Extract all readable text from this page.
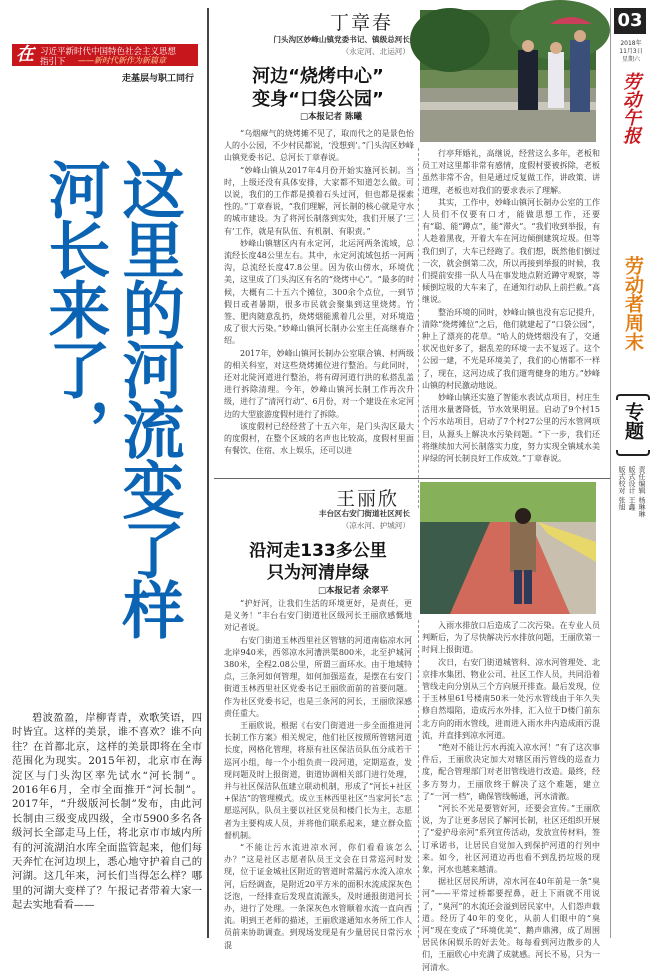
在 习近平新时代中国特色社会主义思想
指引下 ——新时代新作为新篇章
走基层与职工同行
这里的河流变了样
河长来了，
碧波盈盈，岸柳青青，欢歌笑语，四时皆宜。这样的美景，谁不喜欢？谁不向往？在首都北京，这样的美景即将在全市范围化为现实。2015年初，北京市在海淀区与门头沟区率先试水“河长制”。2016年6月，全市全面推开“河长制”。2017年，“升级版河长制”发布，由此河长制由三级变成四级，全市5900多名各级河长全部走马上任，将北京市市域内所有的河流湖泊水库全面监管起来，他们每天奔忙在河边坝上，悉心地守护着自己的河湖。这几年来，河长们当得怎么样？哪里的河湖大变样了？午报记者带着大家一起去实地看看——
丁章春
门头沟区妙峰山镇党委书记、镇级总河长
（永定河、北运河）
河边“烧烤中心”
变身“口袋公园”
□本报记者 陈曦

“乌烟瘴气的烧烤摊不见了，取而代之的是景色怡人的小公园，不少村民都说，‘没想到’。”门头沟区妙峰山镇党委书记、总河长丁章春说。

“妙峰山镇从2017年4月份开始实施河长制。当时，上级还没有具体安排，大家都不知道怎么做。可以说，我们的工作都是摸着石头过河，但也都是探索性的。”丁章春说，“我们理解，河长制的核心就是守水的城市建设。为了将河长制落到实处，我们开展了‘三有’工作，就是有队伍、有机制、有职责。”

妙峰山镇辖区内有永定河，北运河两条流域，总流经长度48公里左右。其中，永定河流域包括一河两沟，总流经长度47.8公里。因为依山傍水，环境优美，这里成了门头沟区有名的“烧烤中心”。“最多的时候，大概有二十五六个摊位，300余个点位，一到节假日或者暑期，很多市民就会聚集到这里烧烤。竹签、肥肉随意乱扔，烧烤烟能熏着几公里，对环境造成了很大污染。”妙峰山镇河长制办公室主任高继春介绍。

2017年，妙峰山镇河长制办公室联合镇、村两级的相关科室，对这些烧烤摊位进行整治。与此同时，还对北陡河道进行整治，将有碍河道行洪的私搭乱盖进行拆除清理。今年，妙峰山镇河长制工作再次升级，进行了“清河行动”、6月份，对一个建设在永定河边的大型旅游度假村进行了拆除。

该度假村已经经营了十五六年，是门头沟区最大的度假村，在整个区域的名声也比较高，度假村里面有餐饮、住宿、水上娱乐，还可以进

行亭拜婚礼，高继说，经营这么多年，老板和员工对这里都非常有感情，度假村要被拆除，老板虽然非常不舍，但是通过反复做工作，讲政策、讲道理，老板也对我们的要求表示了理解。

其实，工作中，妙峰山镇河长制办公室的工作人员们不仅要有口才，能做思想工作，还要有“聪、能“蹲点”，能“滞火”。“我们收到举报，有人趁着黑夜，开着大车在河边倾倒建筑垃圾。但等我们到了，大车已经跑了。我们想，既然他们倒过一次，就会倒第二次，所以再接到举报的时候，我们提前安排一队人马在事发地点附近蹲守观察，等倾倒垃圾的大车来了，在通知行动队上前拦截。”高继说。

整治环境的同时，妙峰山镇也没有忘记提升，清除“烧烤摊位”之后，他们就建起了“口袋公园”，种上了漂亮的花草。“哈人的烧烤烟没有了，交通状况也好多了，据乱差的环境一去不复返了。这个公园一建，不光是环境美了，我们的心情都不一样了，现在，这河边成了我们遛弯健身的地方。”妙峰山镇的村民激动地说。

妙峰山镇还实施了智能水表试点项目，村庄生活用水量著降低，节水效果明显。启动了9个村15个污水站项目，启动了7个村27公里的污水管网项目，从源头上解决水污染问题。“下一步，我们还将继续加大河长制落实力度，努力实现全镇域水美岸绿的河长制良好工作成效。”丁章春说。

王丽欣
丰台区右安门街道社区河长
（凉水河、护城河）
沿河走133多公里
只为河清岸绿
□本报记者 余翠平

“护好河，让我们生活的环境更好，是责任，更是义务！”丰台右安门街道社区级河长王丽欣感慨地对记者说。

右安门街道玉林西里社区管辖的河道南临凉水河北岸940米，西邻凉水河漕洪渠800米，北至护城河380米，全程2.08公里，所谓三面环水。由于地域特点，三条河如何管理，如何加强巡查，是摆在右安门街道玉林西里社区党委书记王丽欣面前的首要问题。作为社区党委书记，也是三条河的河长，王丽欣深感责任重大。

王丽欣说，根据《右安门街道进一步全面推进河长制工作方案》相关规定，他们社区按照所管辖河道长度，网格化管理，将原有社区保洁员队伍分成若干巡河小组，每一个小组负责一段河道，定期巡查，发现问题及时上报街道，街道协调相关部门进行处理，并与社区保洁队伍建立联动机制，形成了“河长+社区+保洁”的管理模式。成立玉林西里社区“当家河长”志愿巡河队，队员主要以社区党员和楼门长为主，志愿者为主要构成人员，并将他们联系起来，建立群众监督机制。

“不能让污水流进凉水河，你们看看该怎么办？”这是社区志愿者队员王文会在日常巡河时发现，位于证金城社区附近的管道时常漏污水流入凉水河，后经调查，是附近20平方米的面积水流成深灰色泛泡，一经排查后发现直流源头，及时通报街道河长办，进行了处理。一条深灰色水管顺着水流一直向西流。明到王老师的描述，王丽欣遂通知水务所工作人员前来协助调查。到现场发现是有少量居民日常污水混

入雨水排放口后造成了二次污染。在专业人员判断后，为了尽快解决污水排放问题，王丽欣第一时间上报街道。

次日，右安门街道城管科、凉水河管理处、北京排水集团、物业公司、社区工作人员，共同沿着管线走向分别从三个方向展开排查。最后发现，位于玉林里61号楼南50米一处污水管线由于年久失修自然塌陷，造成污水外排，汇入位于D楼门前东北方向的雨水管线，进而进入雨水井内造成雨污混流，并直排到凉水河道。

“绝对不能让污水再流入凉水河！”有了这次事件后，王丽欣决定加大对辖区雨污管线的巡查力度，配合管理部门对老旧管线进行改造。最终，经多方努力，王丽欣终于解决了这个难题，建立了“一河一档”，确保管线畅通，河水清澈。

“河长不光是要管好河，还要会宣传。”王丽欣说，为了让更多居民了解河长制，社区还组织开展了“爱护母亲河”系列宣传活动，发放宣传材料，签订承诺书，让居民自觉加入到保护河道的行列中来。如今，社区河道边再也看不到乱扔垃圾的现象，河水也越来越清。

据社区居民所讲，凉水河在40年前是一条“臭河”——平常过桥都要捏鼻，赶上下雨就不用说了，“臭河”的水流还会溢到居民家中，人们怨声载道。经历了40年的变化，从前人们眼中的“臭河”现在变成了“环境优美”、鹅声鼎沸，成了周围居民休闲娱乐的好去处。每每看到河边散步的人们，王丽欣心中充满了成就感。河长不易，只为一河清水。

03
2018年
11月3日
星期六
劳动午报
劳动者周末
专题
责任编辑 杨琳琳
版式设计 王鑫
版式校对 张旭
